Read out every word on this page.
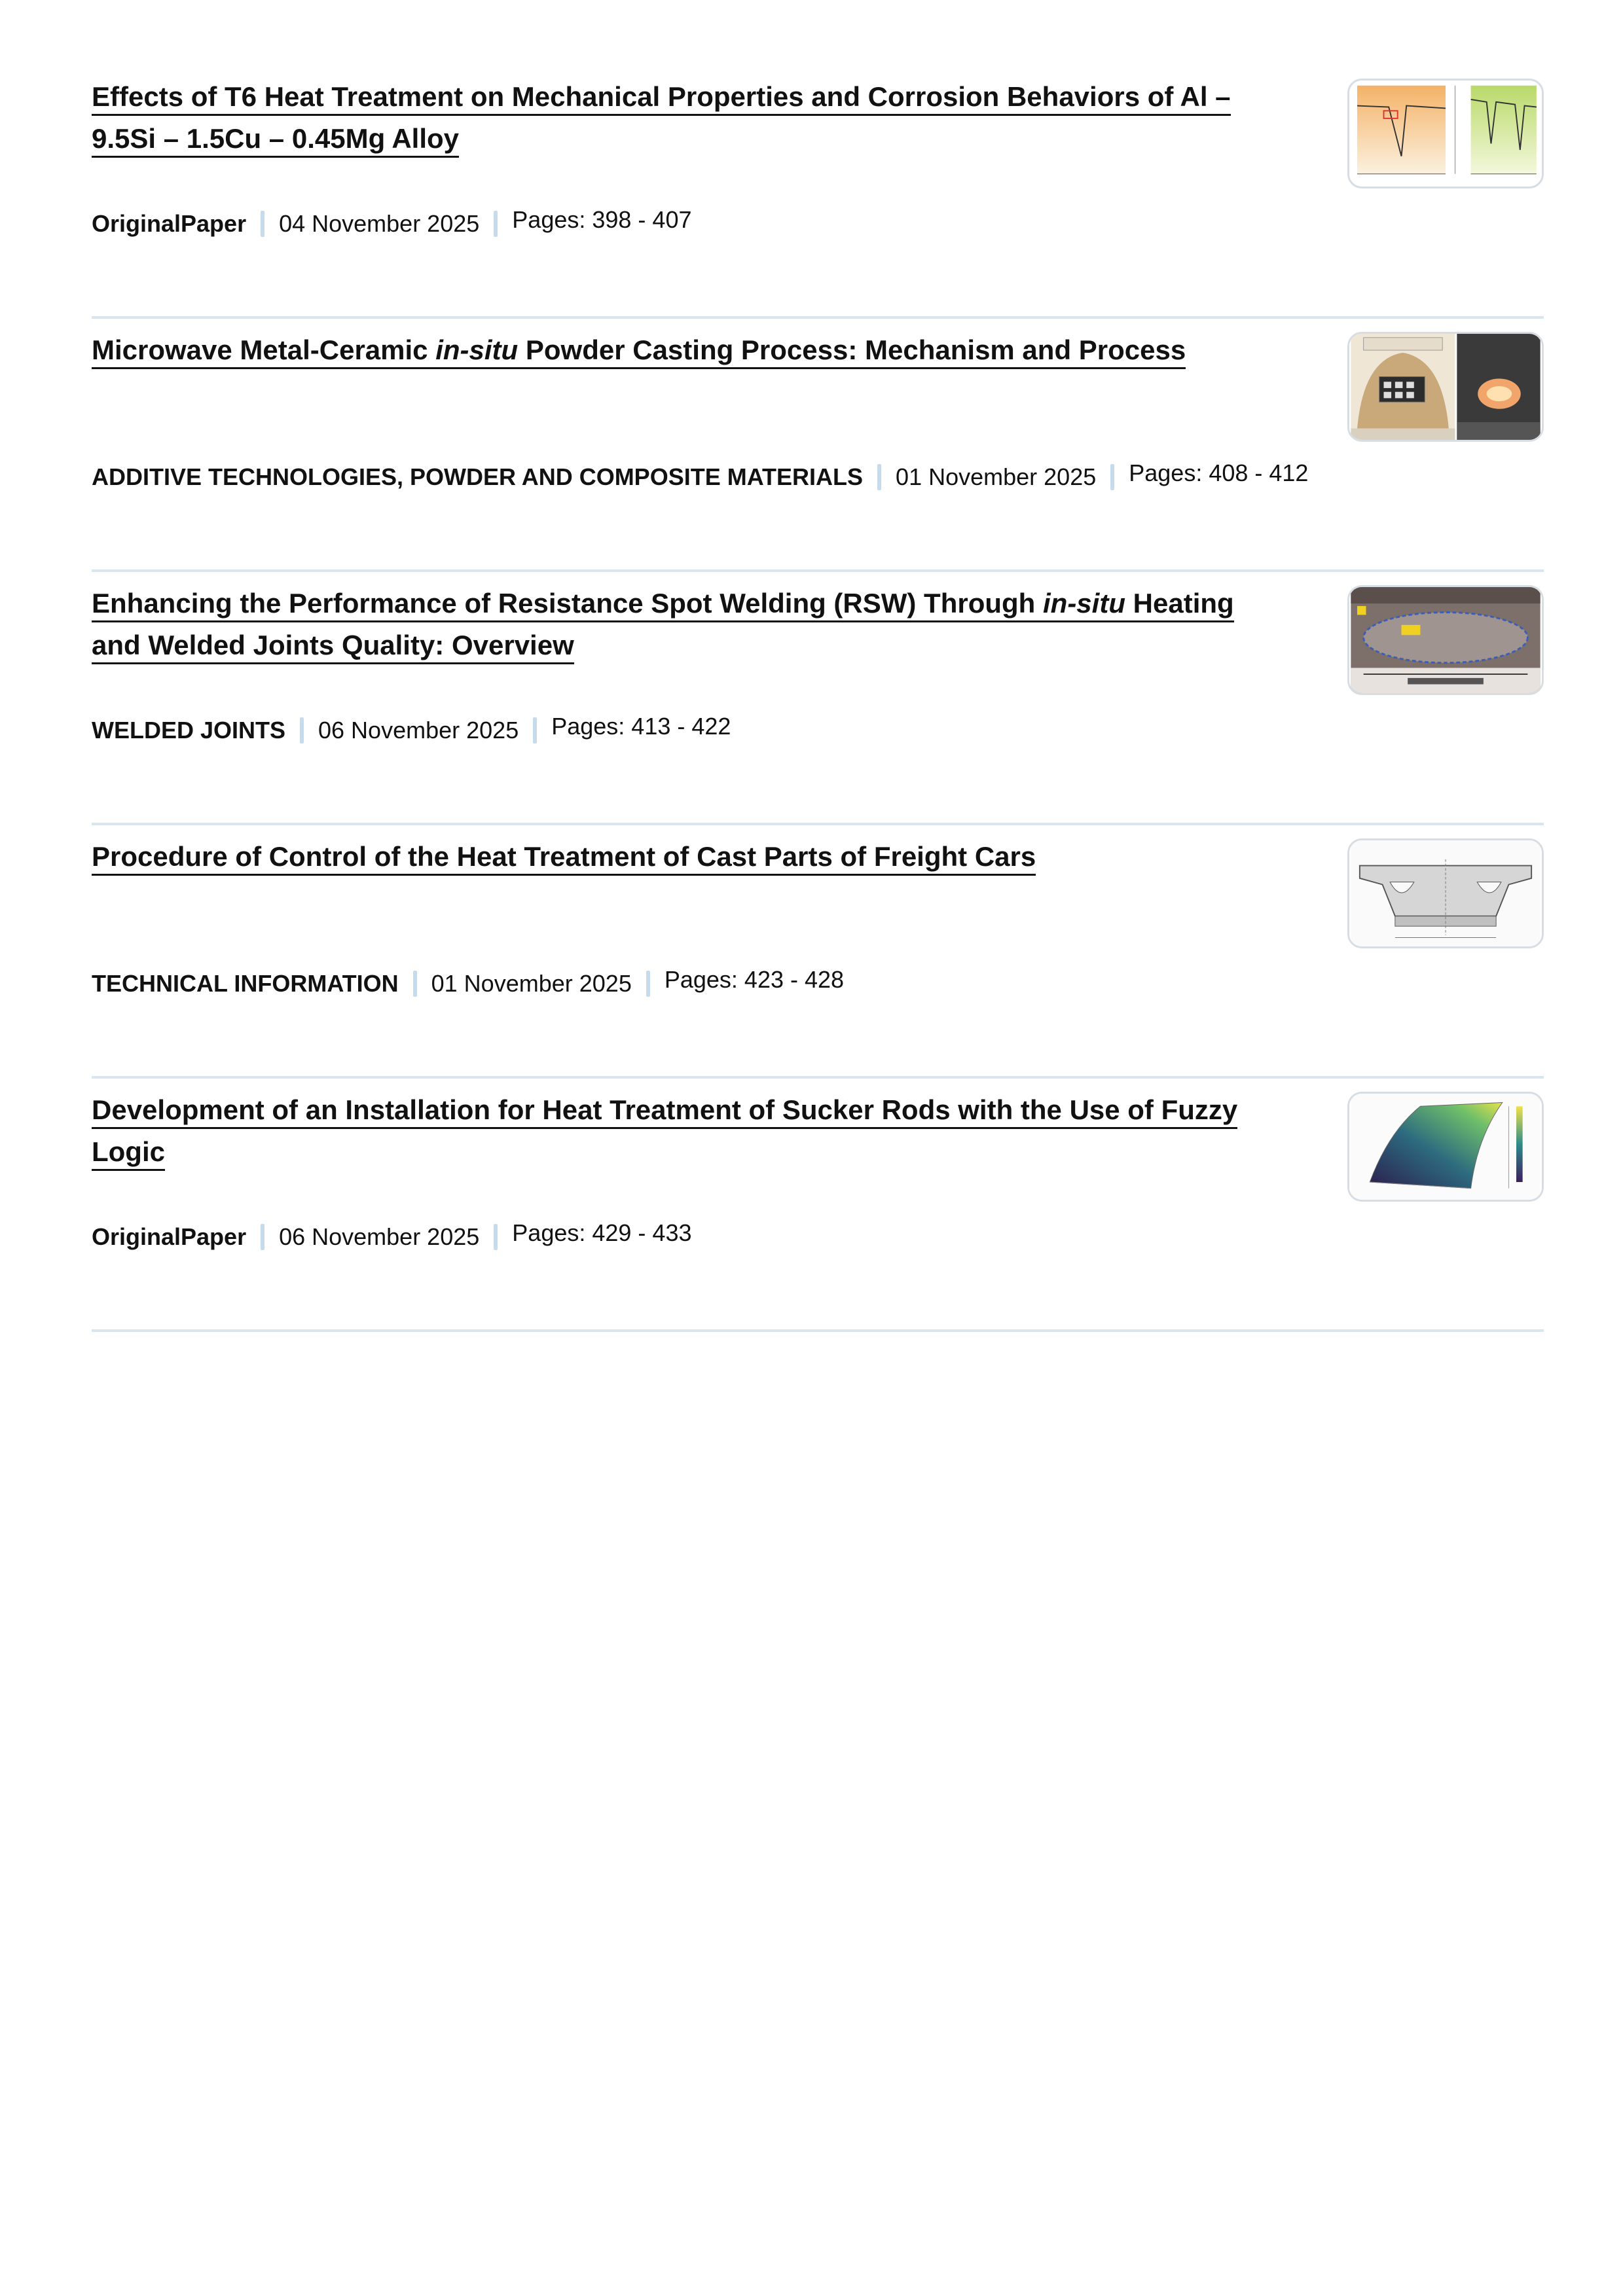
Effects of T6 Heat Treatment on Mechanical Properties and Corrosion Behaviors of Al – 9.5Si – 1.5Cu – 0.45Mg Alloy
OriginalPaper 04 November 2025 Pages: 398 - 407
Microwave Metal-Ceramic in-situ Powder Casting Process: Mechanism and Process
ADDITIVE TECHNOLOGIES, POWDER AND COMPOSITE MATERIALS 01 November 2025 Pages: 408 - 412
Enhancing the Performance of Resistance Spot Welding (RSW) Through in-situ Heating and Welded Joints Quality: Overview
WELDED JOINTS 06 November 2025 Pages: 413 - 422
Procedure of Control of the Heat Treatment of Cast Parts of Freight Cars
TECHNICAL INFORMATION 01 November 2025 Pages: 423 - 428
Development of an Installation for Heat Treatment of Sucker Rods with the Use of Fuzzy Logic
OriginalPaper 06 November 2025 Pages: 429 - 433
